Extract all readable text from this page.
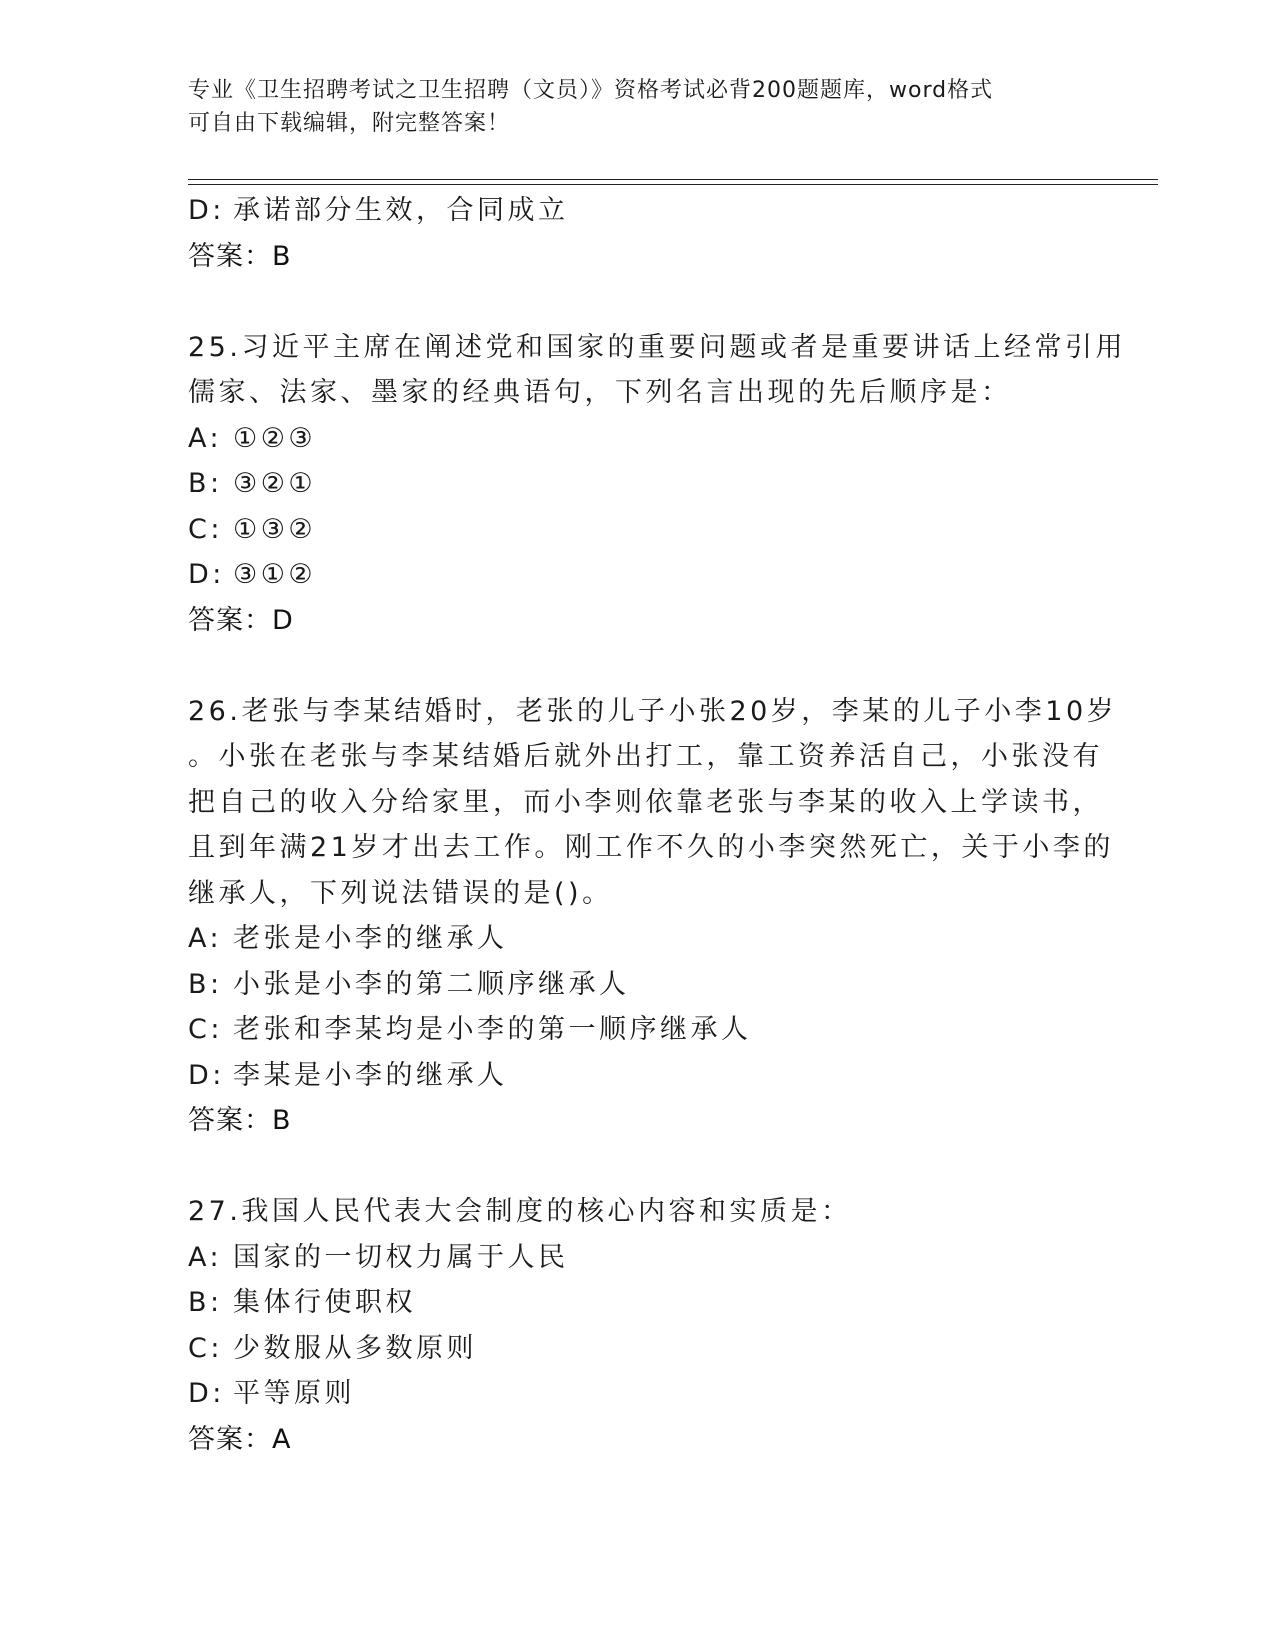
专业《卫生招聘考试之卫生招聘（文员）》资格考试必背200题题库，word格式
可自由下载编辑，附完整答案！
D: 承诺部分生效，合同成立
答案：B
25.习近平主席在阐述党和国家的重要问题或者是重要讲话上经常引用
儒家、法家、墨家的经典语句，下列名言出现的先后顺序是：
A: ①②③
B: ③②①
C: ①③②
D: ③①②
答案：D
26.老张与李某结婚时，老张的儿子小张20岁，李某的儿子小李10岁
。小张在老张与李某结婚后就外出打工，靠工资养活自己，小张没有
把自己的收入分给家里，而小李则依靠老张与李某的收入上学读书，
且到年满21岁才出去工作。刚工作不久的小李突然死亡，关于小李的
继承人，下列说法错误的是()。
A: 老张是小李的继承人
B: 小张是小李的第二顺序继承人
C: 老张和李某均是小李的第一顺序继承人
D: 李某是小李的继承人
答案：B
27.我国人民代表大会制度的核心内容和实质是：
A: 国家的一切权力属于人民
B: 集体行使职权
C: 少数服从多数原则
D: 平等原则
答案：A
